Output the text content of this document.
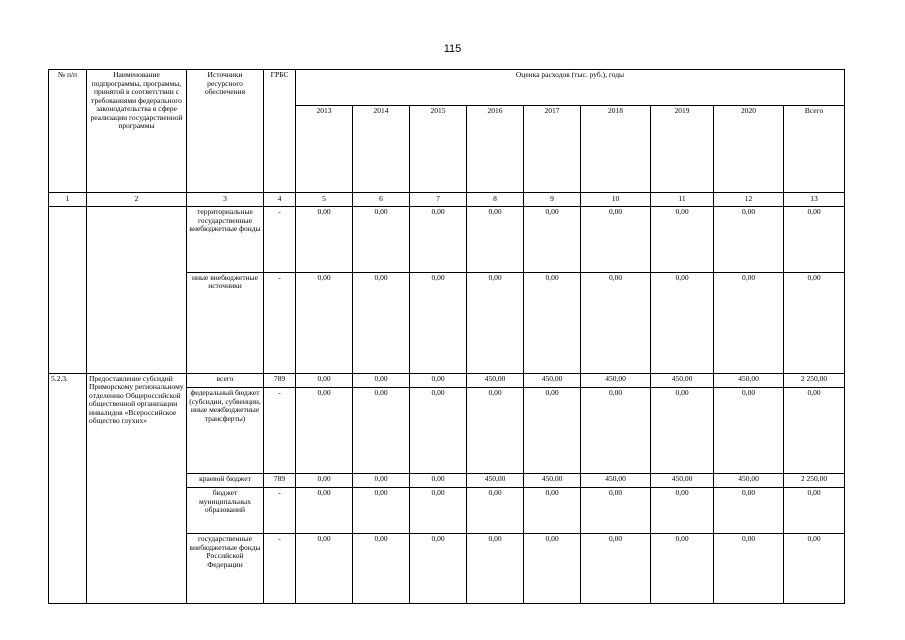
115
№ п/п	Наименование подпрограммы, программы, принятой в соответствии с требованиями федерального законодательства в сфере реализации государственной программы	Источники ресурсного обеспечения	ГРБС	Оценка расходов (тыс. руб.), годы								
				2013	2014	2015	2016	2017	2018	2019	2020	Всего
1	2	3	4	5	6	7	8	9	10	11	12	13
		территориальные государственные внебюджетные фонды	-	0,00	0,00	0,00	0,00	0,00	0,00	0,00	0,00	0,00
		иные внебюджетные источники	-	0,00	0,00	0,00	0,00	0,00	0,00	0,00	0,00	0,00
5.2.3.	Предоставление субсидий Приморскому региональному отделению Общероссийской общественной организации инвалидов «Всероссийское общество глухих»	всего	789	0,00	0,00	0,00	450,00	450,00	450,00	450,00	450,00	2 250,00
		федеральный бюджет (субсидии, субвенции, иные межбюджетные трансферты)	-	0,00	0,00	0,00	0,00	0,00	0,00	0,00	0,00	0,00
		краевой бюджет	789	0,00	0,00	0,00	450,00	450,00	450,00	450,00	450,00	2 250,00
		бюджет муниципальных образований	-	0,00	0,00	0,00	0,00	0,00	0,00	0,00	0,00	0,00
		государственные внебюджетные фонды Российской Федерации	-	0,00	0,00	0,00	0,00	0,00	0,00	0,00	0,00	0,00
